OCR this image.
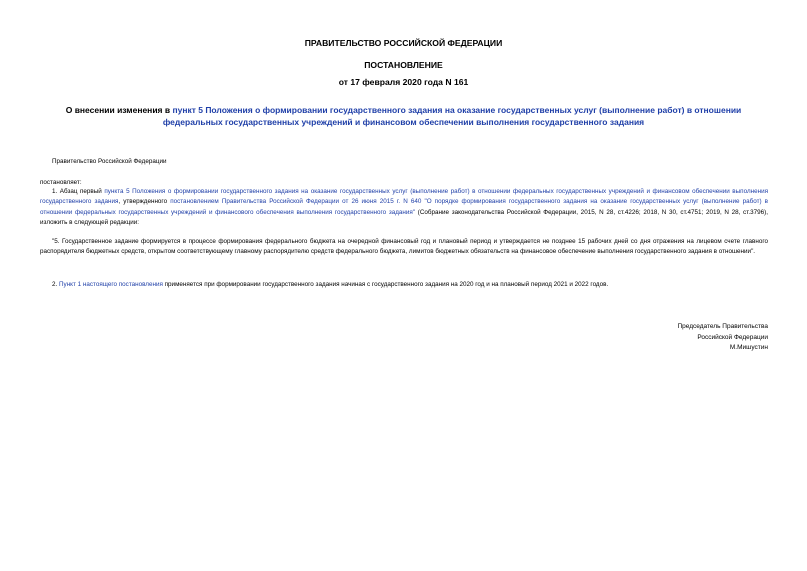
ПРАВИТЕЛЬСТВО РОССИЙСКОЙ ФЕДЕРАЦИИ
ПОСТАНОВЛЕНИЕ
от 17 февраля 2020 года N 161
О внесении изменения в пункт 5 Положения о формировании государственного задания на оказание государственных услуг (выполнение работ) в отношении федеральных государственных учреждений и финансовом обеспечении выполнения государственного задания
Правительство Российской Федерации
постановляет:
1. Абзац первый пункта 5 Положения о формировании государственного задания на оказание государственных услуг (выполнение работ) в отношении федеральных государственных учреждений и финансовом обеспечении выполнения государственного задания, утвержденного постановлением Правительства Российской Федерации от 26 июня 2015 г. N 640 "О порядке формирования государственного задания на оказание государственных услуг (выполнение работ) в отношении федеральных государственных учреждений и финансового обеспечения выполнения государственного задания" (Собрание законодательства Российской Федерации, 2015, N 28, ст.4226; 2018, N 30, ст.4751; 2019, N 28, ст.3796), изложить в следующей редакции:
"5. Государственное задание формируется в процессе формирования федерального бюджета на очередной финансовый год и плановый период и утверждается не позднее 15 рабочих дней со дня отражения на лицевом счете главного распорядителя бюджетных средств, открытом соответствующему главному распорядителю средств федерального бюджета, лимитов бюджетных обязательств на финансовое обеспечение выполнения государственного задания в отношении".
2. Пункт 1 настоящего постановления применяется при формировании государственного задания начиная с государственного задания на 2020 год и на плановый период 2021 и 2022 годов.
Председатель Правительства
Российской Федерации
М.Мишустин
